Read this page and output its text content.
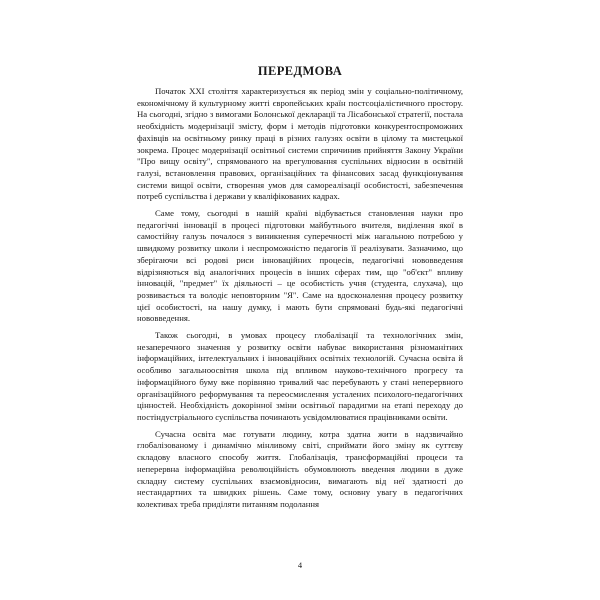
ПЕРЕДМОВА

Початок XXI століття характеризується як період змін у соціально-політичному, економічному й культурному житті європейських країн постсоціалістичного простору. На сьогодні, згідно з вимогами Болонської декларації та Лісабонської стратегії, постала необхідність модернізації змісту, форм і методів підготовки конкурентоспроможних фахівців на освітньому ринку праці в різних галузях освіти в цілому та мистецької зокрема. Процес модернізації освітньої системи спричинив прийняття Закону України "Про вищу освіту", спрямованого на врегулювання суспільних відносин в освітній галузі, встановлення правових, організаційних та фінансових засад функціонування системи вищої освіти, створення умов для самореалізації особистості, забезпечення потреб суспільства і держави у кваліфікованих кадрах.

Саме тому, сьогодні в нашій країні відбувається становлення науки про педагогічні інновації в процесі підготовки майбутнього вчителя, виділення якої в самостійну галузь почалося з виникнення суперечності між нагальною потребою у швидкому розвитку школи і неспроможністю педагогів її реалізувати. Зазначимо, що зберігаючи всі родові риси інноваційних процесів, педагогічні нововведення відрізняються від аналогічних процесів в інших сферах тим, що "об'єкт" впливу інновацій, "предмет" їх діяльності – це особистість учня (студента, слухача), що розвивається та володіє неповторним "Я". Саме на вдосконалення процесу розвитку цієї особистості, на нашу думку, і мають бути спрямовані будь-які педагогічні нововведення.

Також сьогодні, в умовах процесу глобалізації та технологічних змін, незаперечного значення у розвитку освіти набуває використання різноманітних інформаційних, інтелектуальних і інноваційних освітніх технологій. Сучасна освіта й особливо загальноосвітня школа під впливом науково-технічного прогресу та інформаційного буму вже порівняно тривалий час перебувають у стані неперервного організаційного реформування та переосмислення усталених психолого-педагогічних цінностей. Необхідність докорінної зміни освітньої парадигми на етапі переходу до постіндустріального суспільства починають усвідомлюватися працівниками освіти.

Сучасна освіта має готувати людину, котра здатна жити в надзвичайно глобалізованому і динамічно мінливому світі, сприймати його зміну як суттєву складову власного способу життя. Глобалізація, трансформаційні процеси та неперервна інформаційна революційність обумовлюють введення людини в дуже складну систему суспільних взаємовідносин, вимагають від неї здатності до нестандартних та швидких рішень. Саме тому, основну увагу в педагогічних колективах треба приділяти питанням подолання

4
